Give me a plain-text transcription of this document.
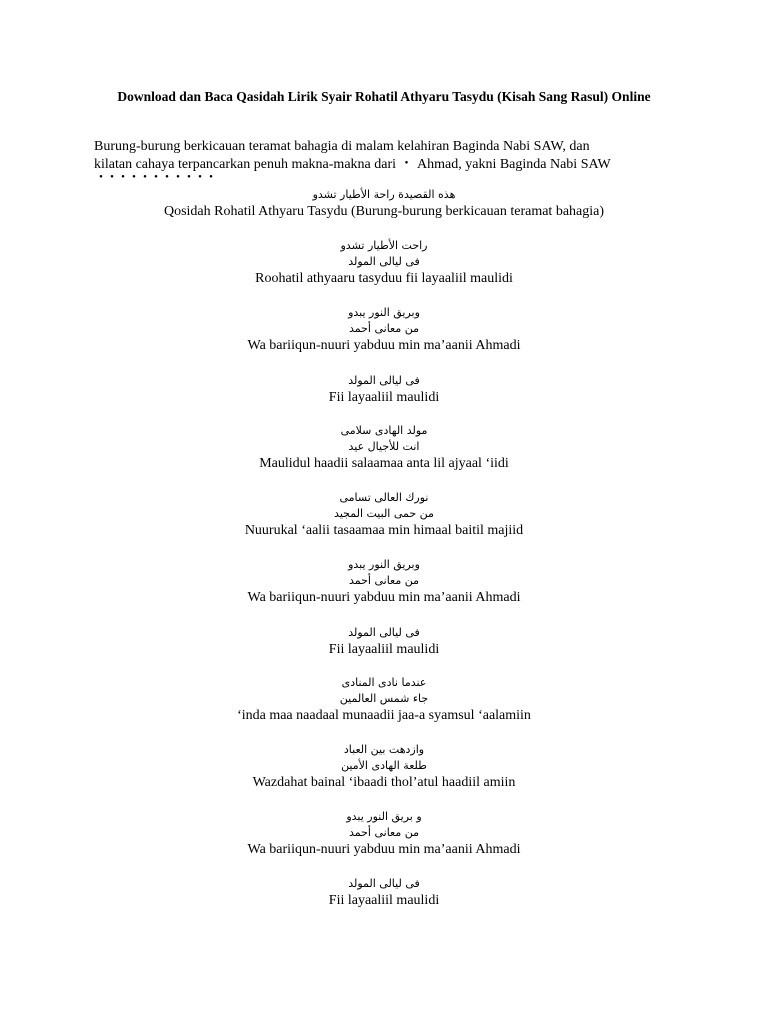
Download dan Baca Qasidah Lirik Syair Rohatil Athyaru Tasydu (Kisah Sang Rasul) Online

Burung-burung berkicauan teramat bahagia di malam kelahiran Baginda Nabi SAW, dan

kilatan cahaya terpancarkan penuh makna-makna dari ・ Ahmad, yakni Baginda Nabi SAW

・・・・・・・・・・・

هذه القصيدة راحة الأطيار تشدو
Qosidah Rohatil Athyaru Tasydu (Burung-burung berkicauan teramat bahagia)
راحت الأطيار تشدو
فى ليالى المولد
Roohatil athyaaru tasyduu fii layaaliil maulidi
وبريق النور يبدو
من معانى أحمد
Wa bariiqun-nuuri yabduu min ma’aanii Ahmadi
فى ليالى المولد
Fii layaaliil maulidi
مولد الهادى سلامى
انت للأجيال عيد
Maulidul haadii salaamaa anta lil ajyaal ‘iidi
نورك العالى تسامى
من حمى البيت المجيد
Nuurukal ‘aalii tasaamaa min himaal baitil majiid
وبريق النور يبدو
من معانى أحمد
Wa bariiqun-nuuri yabduu min ma’aanii Ahmadi
فى ليالى المولد
Fii layaaliil maulidi
عندما نادى المنادى
جاء شمس العالمين
‘inda maa naadaal munaadii jaa-a syamsul ‘aalamiin
وازدهت بين العباد
طلعة الهادى الأمين
Wazdahat bainal ‘ibaadi thol’atul haadiil amiin
و بريق النور يبدو
من معانى أحمد
Wa bariiqun-nuuri yabduu min ma’aanii Ahmadi
فى ليالى المولد
Fii layaaliil maulidi
